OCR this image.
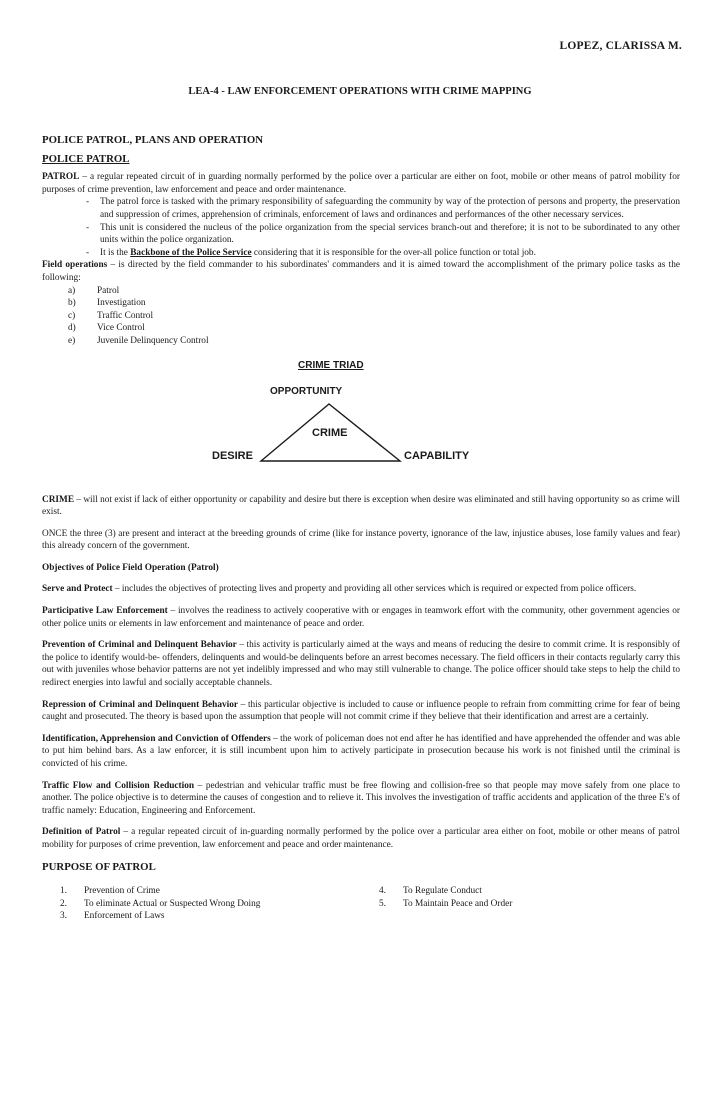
LOPEZ, CLARISSA M.
LEA-4 - LAW ENFORCEMENT OPERATIONS WITH CRIME MAPPING
POLICE PATROL, PLANS AND OPERATION
POLICE PATROL

PATROL – a regular repeated circuit of in guarding normally performed by the police over a particular are either on foot, mobile or other means of patrol mobility for purposes of crime prevention, law enforcement and peace and order maintenance.

- The patrol force is tasked with the primary responsibility of safeguarding the community by way of the protection of persons and property, the preservation and suppression of crimes, apprehension of criminals, enforcement of laws and ordinances and performances of the other necessary services.
- This unit is considered the nucleus of the police organization from the special services branch-out and therefore; it is not to be subordinated to any other units within the police organization.
- It is the Backbone of the Police Service considering that it is responsible for the over-all police function or total job.

Field operations – is directed by the field commander to his subordinates' commanders and it is aimed toward the accomplishment of the primary police tasks as the following:

a) Patrol
b) Investigation
c) Traffic Control
d) Vice Control
e) Juvenile Delinquency Control
CRIME TRIAD
OPPORTUNITY
CRIME
DESIRE	CAPABILITY

CRIME – will not exist if lack of either opportunity or capability and desire but there is exception when desire was eliminated and still having opportunity so as crime will exist.

ONCE the three (3) are present and interact at the breeding grounds of crime (like for instance poverty, ignorance of the law, injustice abuses, lose family values and fear) this already concern of the government.

Objectives of Police Field Operation (Patrol)

Serve and Protect – includes the objectives of protecting lives and property and providing all other services which is required or expected from police officers.

Participative Law Enforcement – involves the readiness to actively cooperative with or engages in teamwork effort with the community, other government agencies or other police units or elements in law enforcement and maintenance of peace and order.

Prevention of Criminal and Delinquent Behavior – this activity is particularly aimed at the ways and means of reducing the desire to commit crime. It is responsibly of the police to identify would-be- offenders, delinquents and would-be delinquents before an arrest becomes necessary. The field officers in their contacts regularly carry this out with juveniles whose behavior patterns are not yet indelibly impressed and who may still vulnerable to change. The police officer should take steps to help the child to redirect energies into lawful and socially acceptable channels.

Repression of Criminal and Delinquent Behavior – this particular objective is included to cause or influence people to refrain from committing crime for fear of being caught and prosecuted. The theory is based upon the assumption that people will not commit crime if they believe that their identification and arrest are a certainly.

Identification, Apprehension and Conviction of Offenders – the work of policeman does not end after he has identified and have apprehended the offender and was able to put him behind bars. As a law enforcer, it is still incumbent upon him to actively participate in prosecution because his work is not finished until the criminal is convicted of his crime.

Traffic Flow and Collision Reduction – pedestrian and vehicular traffic must be free flowing and collision-free so that people may move safely from one place to another. The police objective is to determine the causes of congestion and to relieve it. This involves the investigation of traffic accidents and application of the three E's of traffic namely: Education, Engineering and Enforcement.

Definition of Patrol – a regular repeated circuit of in-guarding normally performed by the police over a particular area either on foot, mobile or other means of patrol mobility for purposes of crime prevention, law enforcement and peace and order maintenance.

PURPOSE OF PATROL
1. Prevention of Crime
2. To eliminate Actual or Suspected Wrong Doing
3. Enforcement of Laws
4. To Regulate Conduct
5. To Maintain Peace and Order
